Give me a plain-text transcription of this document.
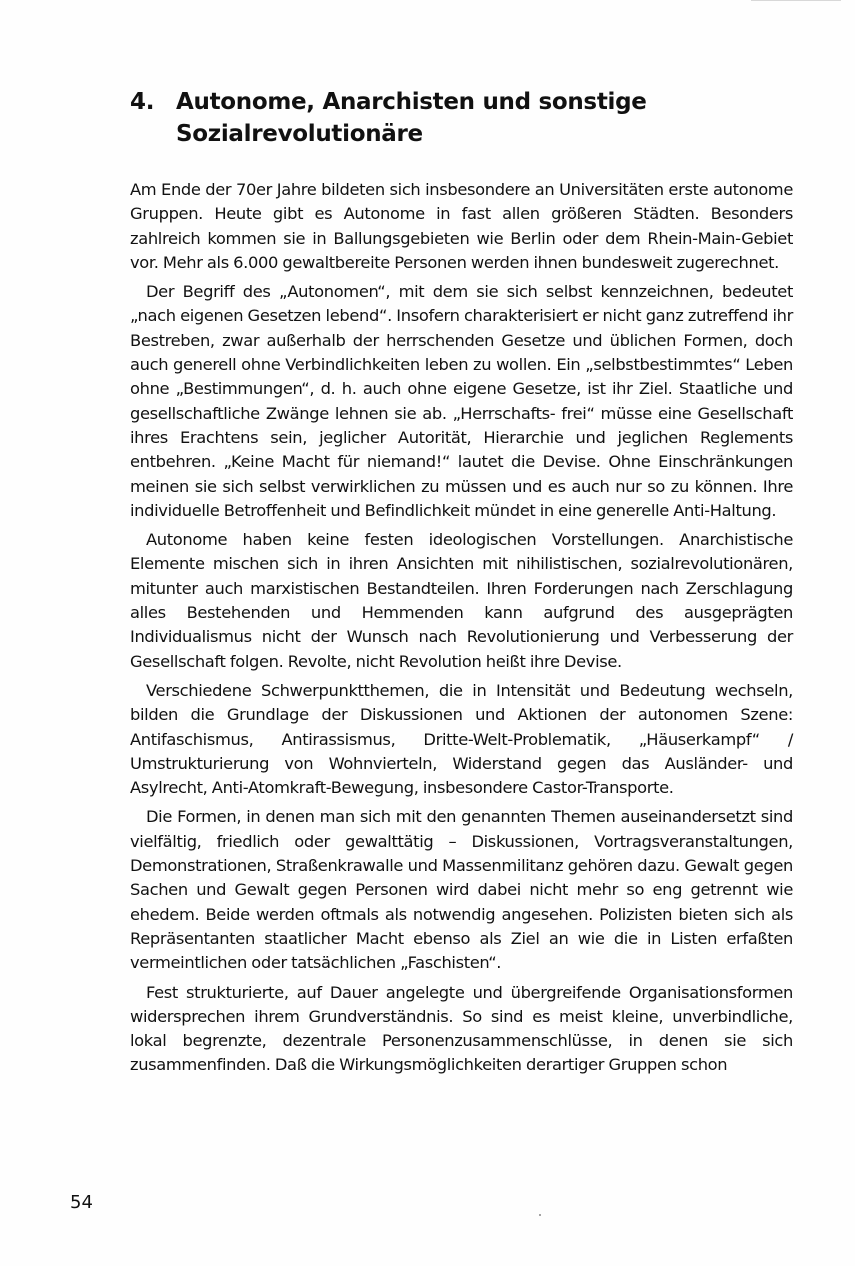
4. Autonome, Anarchisten und sonstige Sozialrevolutionäre

Am Ende der 70er Jahre bildeten sich insbesondere an Universitäten erste autonome Gruppen. Heute gibt es Autonome in fast allen größeren Städten. Besonders zahlreich kommen sie in Ballungsgebieten wie Berlin oder dem Rhein-Main-Gebiet vor. Mehr als 6.000 gewaltbereite Personen werden ihnen bundesweit zugerechnet.

Der Begriff des „Autonomen“, mit dem sie sich selbst kennzeichnen, bedeutet „nach eigenen Gesetzen lebend“. Insofern charakterisiert er nicht ganz zutreffend ihr Bestreben, zwar außerhalb der herrschenden Gesetze und üblichen Formen, doch auch generell ohne Verbindlichkeiten leben zu wollen. Ein „selbstbestimmtes“ Leben ohne „Bestimmungen“, d. h. auch ohne eigene Gesetze, ist ihr Ziel. Staatliche und gesellschaftliche Zwänge lehnen sie ab. „Herrschafts- frei“ müsse eine Gesellschaft ihres Erachtens sein, jeglicher Autorität, Hierarchie und jeglichen Reglements entbehren. „Keine Macht für niemand!“ lautet die Devise. Ohne Einschränkungen meinen sie sich selbst verwirklichen zu müssen und es auch nur so zu können. Ihre individuelle Betroffenheit und Befindlichkeit mündet in eine generelle Anti-Haltung.

Autonome haben keine festen ideologischen Vorstellungen. Anarchistische Elemente mischen sich in ihren Ansichten mit nihilistischen, sozialrevolutionären, mitunter auch marxistischen Bestandteilen. Ihren Forderungen nach Zerschlagung alles Bestehenden und Hemmenden kann aufgrund des ausgeprägten Individualismus nicht der Wunsch nach Revolutionierung und Verbesserung der Gesellschaft folgen. Revolte, nicht Revolution heißt ihre Devise.

Verschiedene Schwerpunktthemen, die in Intensität und Bedeutung wechseln, bilden die Grundlage der Diskussionen und Aktionen der autonomen Szene: Antifaschismus, Antirassismus, Dritte-Welt-Problematik, „Häuserkampf“ / Umstrukturierung von Wohnvierteln, Widerstand gegen das Ausländer- und Asylrecht, Anti-Atomkraft-Bewegung, insbesondere Castor-Transporte.

Die Formen, in denen man sich mit den genannten Themen auseinandersetzt sind vielfältig, friedlich oder gewalttätig – Diskussionen, Vortragsveranstaltungen, Demonstrationen, Straßenkrawalle und Massenmilitanz gehören dazu. Gewalt gegen Sachen und Gewalt gegen Personen wird dabei nicht mehr so eng getrennt wie ehedem. Beide werden oftmals als notwendig angesehen. Polizisten bieten sich als Repräsentanten staatlicher Macht ebenso als Ziel an wie die in Listen erfaßten vermeintlichen oder tatsächlichen „Faschisten“.

Fest strukturierte, auf Dauer angelegte und übergreifende Organisationsformen widersprechen ihrem Grundverständnis. So sind es meist kleine, unverbindliche, lokal begrenzte, dezentrale Personenzusammenschlüsse, in denen sie sich zusammenfinden. Daß die Wirkungsmöglichkeiten derartiger Gruppen schon

54
